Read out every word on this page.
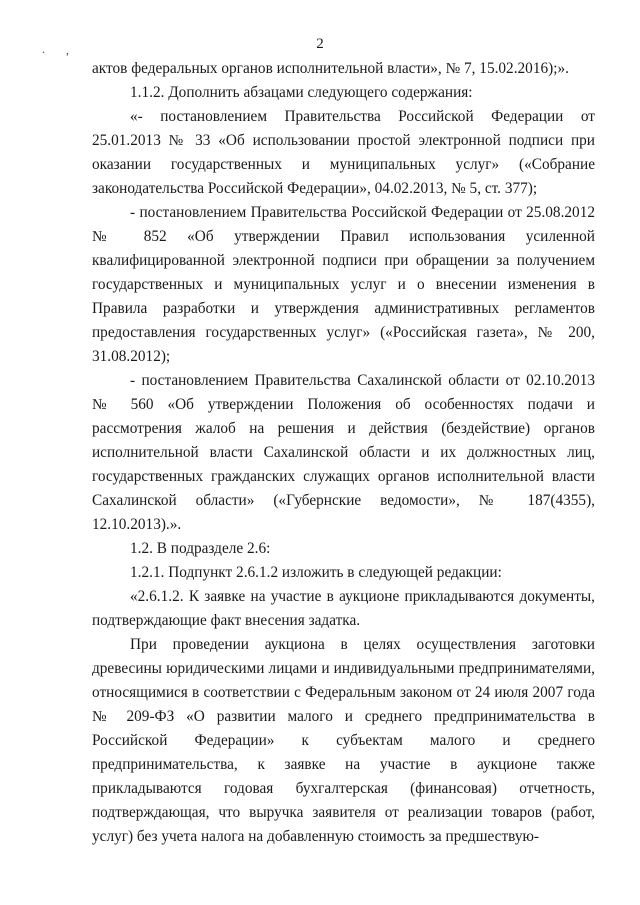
. ,	2

актов федеральных органов исполнительной власти», № 7, 15.02.2016);».

1.1.2. Дополнить абзацами следующего содержания:

«- постановлением Правительства Российской Федерации от 25.01.2013 № 33 «Об использовании простой электронной подписи при оказании государственных и муниципальных услуг» («Собрание законодательства Российской Федерации», 04.02.2013, № 5, ст. 377);

- постановлением Правительства Российской Федерации от 25.08.2012 № 852 «Об утверждении Правил использования усиленной квалифицированной электронной подписи при обращении за получением государственных и муниципальных услуг и о внесении изменения в Правила разработки и утверждения административных регламентов предоставления государственных услуг» («Российская газета», № 200, 31.08.2012);

- постановлением Правительства Сахалинской области от 02.10.2013 № 560 «Об утверждении Положения об особенностях подачи и рассмотрения жалоб на решения и действия (бездействие) органов исполнительной власти Сахалинской области и их должностных лиц, государственных гражданских служащих органов исполнительной власти Сахалинской области» («Губернские ведомости», № 187(4355), 12.10.2013).».

1.2. В подразделе 2.6:

1.2.1. Подпункт 2.6.1.2 изложить в следующей редакции:

«2.6.1.2. К заявке на участие в аукционе прикладываются документы, подтверждающие факт внесения задатка.

При проведении аукциона в целях осуществления заготовки древесины юридическими лицами и индивидуальными предпринимателями, относящимися в соответствии с Федеральным законом от 24 июля 2007 года № 209-ФЗ «О развитии малого и среднего предпринимательства в Российской Федерации» к субъектам малого и среднего предпринимательства, к заявке на участие в аукционе также прикладываются годовая бухгалтерская (финансовая) отчетность, подтверждающая, что выручка заявителя от реализации товаров (работ, услуг) без учета налога на добавленную стоимость за предшествую-
